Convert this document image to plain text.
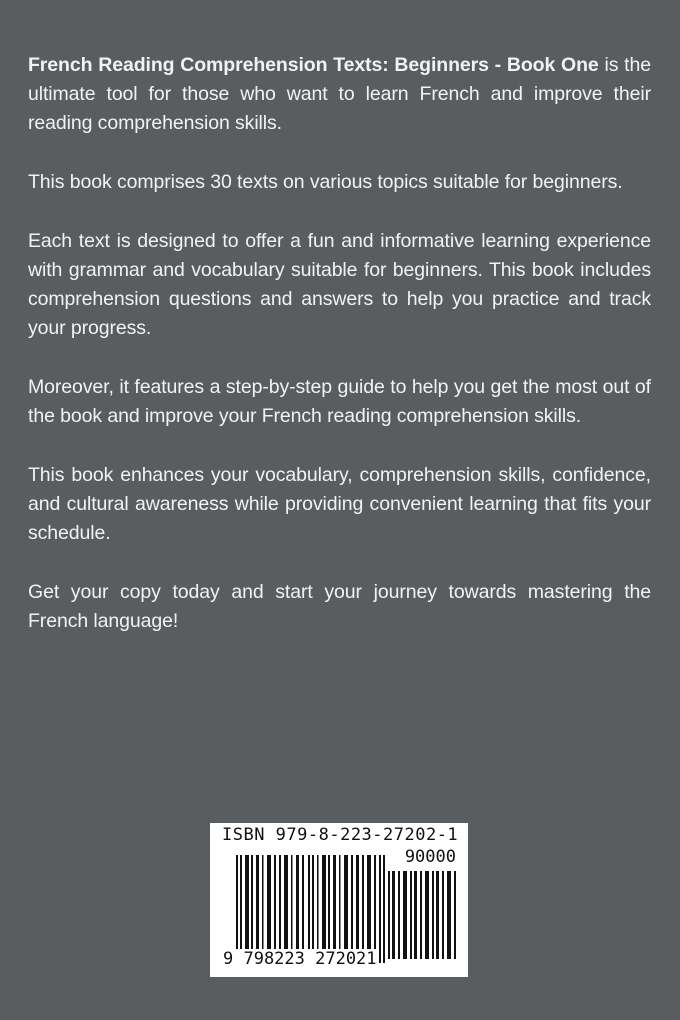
French Reading Comprehension Texts: Beginners - Book One is the ultimate tool for those who want to learn French and improve their reading comprehension skills.

This book comprises 30 texts on various topics suitable for beginners.

Each text is designed to offer a fun and informative learning experience with grammar and vocabulary suitable for beginners. This book includes comprehension questions and answers to help you practice and track your progress.

Moreover, it features a step-by-step guide to help you get the most out of the book and improve your French reading comprehension skills.

This book enhances your vocabulary, comprehension skills, confidence, and cultural awareness while providing convenient learning that fits your schedule.

Get your copy today and start your journey towards mastering the French language!

ISBN 979-8-223-27202-1
90000
9 798223 272021
